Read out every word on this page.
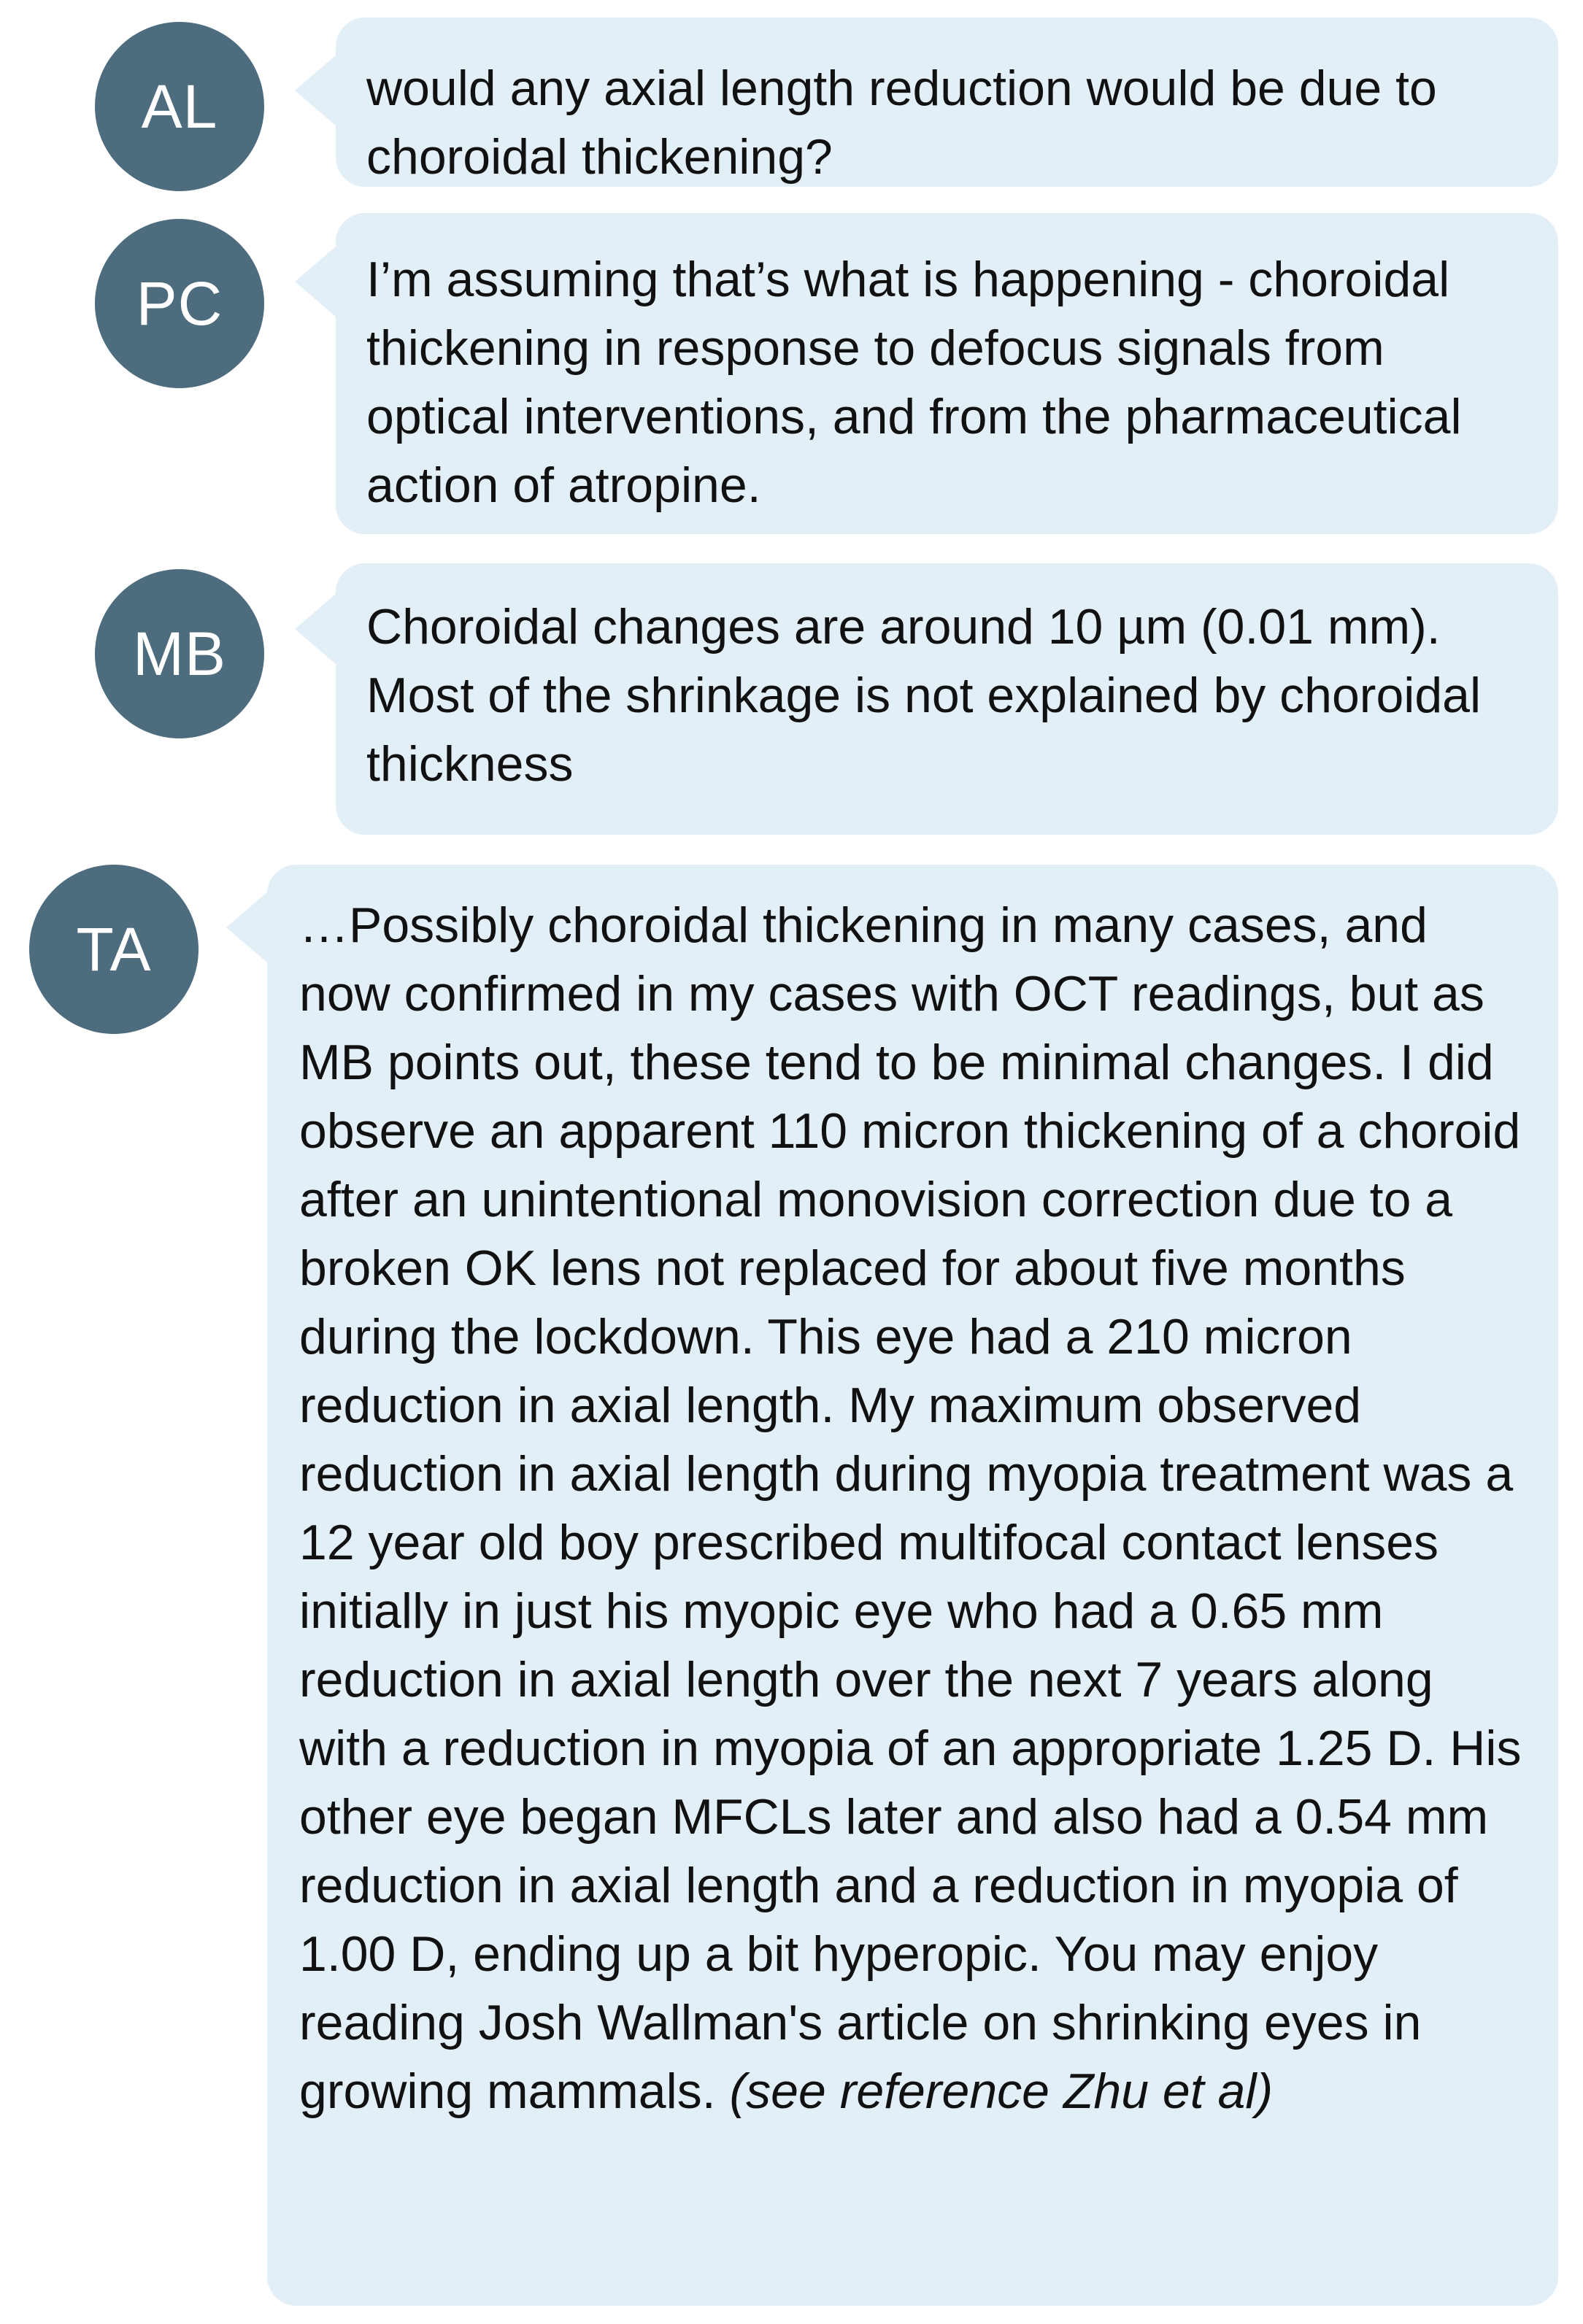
AL	would any axial length reduction would be due to choroidal thickening?

PC	I’m assuming that’s what is happening - choroidal thickening in response to defocus signals from optical interventions, and from the pharmaceutical action of atropine.

MB	Choroidal changes are around 10 µm (0.01 mm). Most of the shrinkage is not explained by choroidal thickness

TA	…Possibly choroidal thickening in many cases, and now confirmed in my cases with OCT readings, but as MB points out, these tend to be minimal changes. I did observe an apparent 110 micron thickening of a choroid after an unintentional monovision correction due to a broken OK lens not replaced for about five months during the lockdown. This eye had a 210 micron reduction in axial length. My maximum observed reduction in axial length during myopia treatment was a 12 year old boy prescribed multifocal contact lenses initially in just his myopic eye who had a 0.65 mm reduction in axial length over the next 7 years along with a reduction in myopia of an appropriate 1.25 D. His other eye began MFCLs later and also had a 0.54 mm reduction in axial length and a reduction in myopia of 1.00 D, ending up a bit hyperopic. You may enjoy reading Josh Wallman's article on shrinking eyes in growing mammals. (see reference Zhu et al)
